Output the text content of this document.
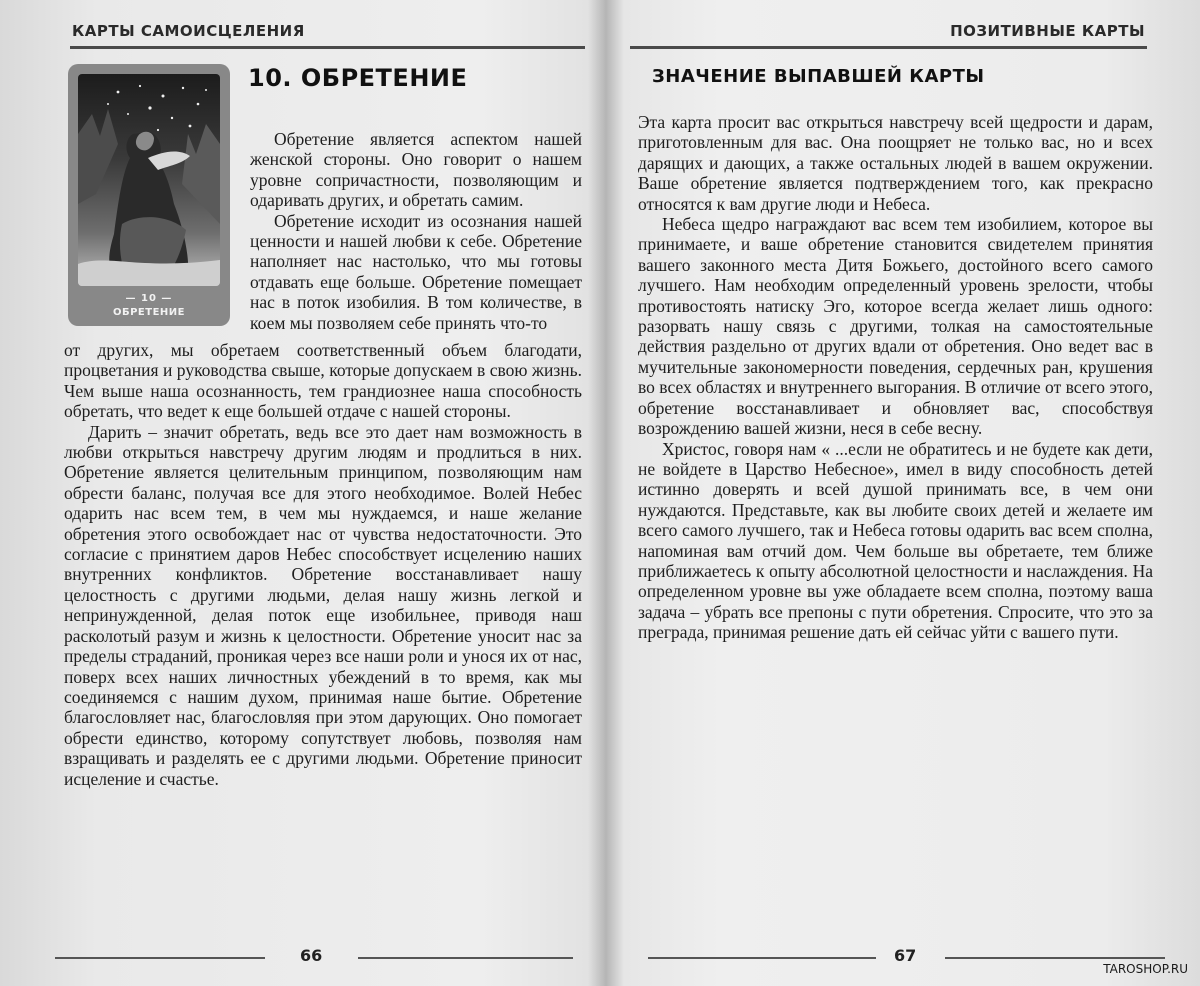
КАРТЫ САМОИСЦЕЛЕНИЯ
— 10 —
ОБРЕТЕНИЕ
10. ОБРЕТЕНИЕ

Обретение является аспектом нашей женской стороны. Оно говорит о нашем уровне сопричастности, позволяющим и одаривать других, и обретать самим.

Обретение исходит из осознания нашей ценности и нашей любви к себе. Обретение наполняет нас настолько, что мы готовы отдавать еще больше. Обретение помещает нас в поток изобилия. В том количестве, в коем мы позволяем себе принять что-то

от других, мы обретаем соответственный объем благодати, процветания и руководства свыше, которые допускаем в свою жизнь. Чем выше наша осознанность, тем грандиознее наша способность обретать, что ведет к еще большей отдаче с нашей стороны.

Дарить – значит обретать, ведь все это дает нам возможность в любви открыться навстречу другим людям и продлиться в них. Обретение является целительным принципом, позволяющим нам обрести баланс, получая все для этого необходимое. Волей Небес одарить нас всем тем, в чем мы нуждаемся, и наше желание обретения этого освобождает нас от чувства недостаточности. Это согласие с принятием даров Небес способствует исцелению наших внутренних конфликтов. Обретение восстанавливает нашу целостность с другими людьми, делая нашу жизнь легкой и непринужденной, делая поток еще изобильнее, приводя наш расколотый разум и жизнь к целостности. Обретение уносит нас за пределы страданий, проникая через все наши роли и унося их от нас, поверх всех наших личностных убеждений в то время, как мы соединяемся с нашим духом, принимая наше бытие. Обретение благословляет нас, благословляя при этом дарующих. Оно помогает обрести единство, которому сопутствует любовь, позволяя нам взращивать и разделять ее с другими людьми. Обретение приносит исцеление и счастье.

66
ПОЗИТИВНЫЕ КАРТЫ
ЗНАЧЕНИЕ ВЫПАВШЕЙ КАРТЫ

Эта карта просит вас открыться навстречу всей щедрости и дарам, приготовленным для вас. Она поощряет не только вас, но и всех дарящих и дающих, а также остальных людей в вашем окружении. Ваше обретение является подтверждением того, как прекрасно относятся к вам другие люди и Небеса.

Небеса щедро награждают вас всем тем изобилием, которое вы принимаете, и ваше обретение становится свидетелем принятия вашего законного места Дитя Божьего, достойного всего самого лучшего. Нам необходим определенный уровень зрелости, чтобы противостоять натиску Эго, которое всегда желает лишь одного: разорвать нашу связь с другими, толкая на самостоятельные действия раздельно от других вдали от обретения. Оно ведет вас в мучительные закономерности поведения, сердечных ран, крушения во всех областях и внутреннего выгорания. В отличие от всего этого, обретение восстанавливает и обновляет вас, способствуя возрождению вашей жизни, неся в себе весну.

Христос, говоря нам « ...если не обратитесь и не будете как дети, не войдете в Царство Небесное», имел в виду способность детей истинно доверять и всей душой принимать все, в чем они нуждаются. Представьте, как вы любите своих детей и желаете им всего самого лучшего, так и Небеса готовы одарить вас всем сполна, напоминая вам отчий дом. Чем больше вы обретаете, тем ближе приближаетесь к опыту абсолютной целостности и наслаждения. На определенном уровне вы уже обладаете всем сполна, поэтому ваша задача – убрать все препоны с пути обретения. Спросите, что это за преграда, принимая решение дать ей сейчас уйти с вашего пути.

67
TAROSHOP.RU
